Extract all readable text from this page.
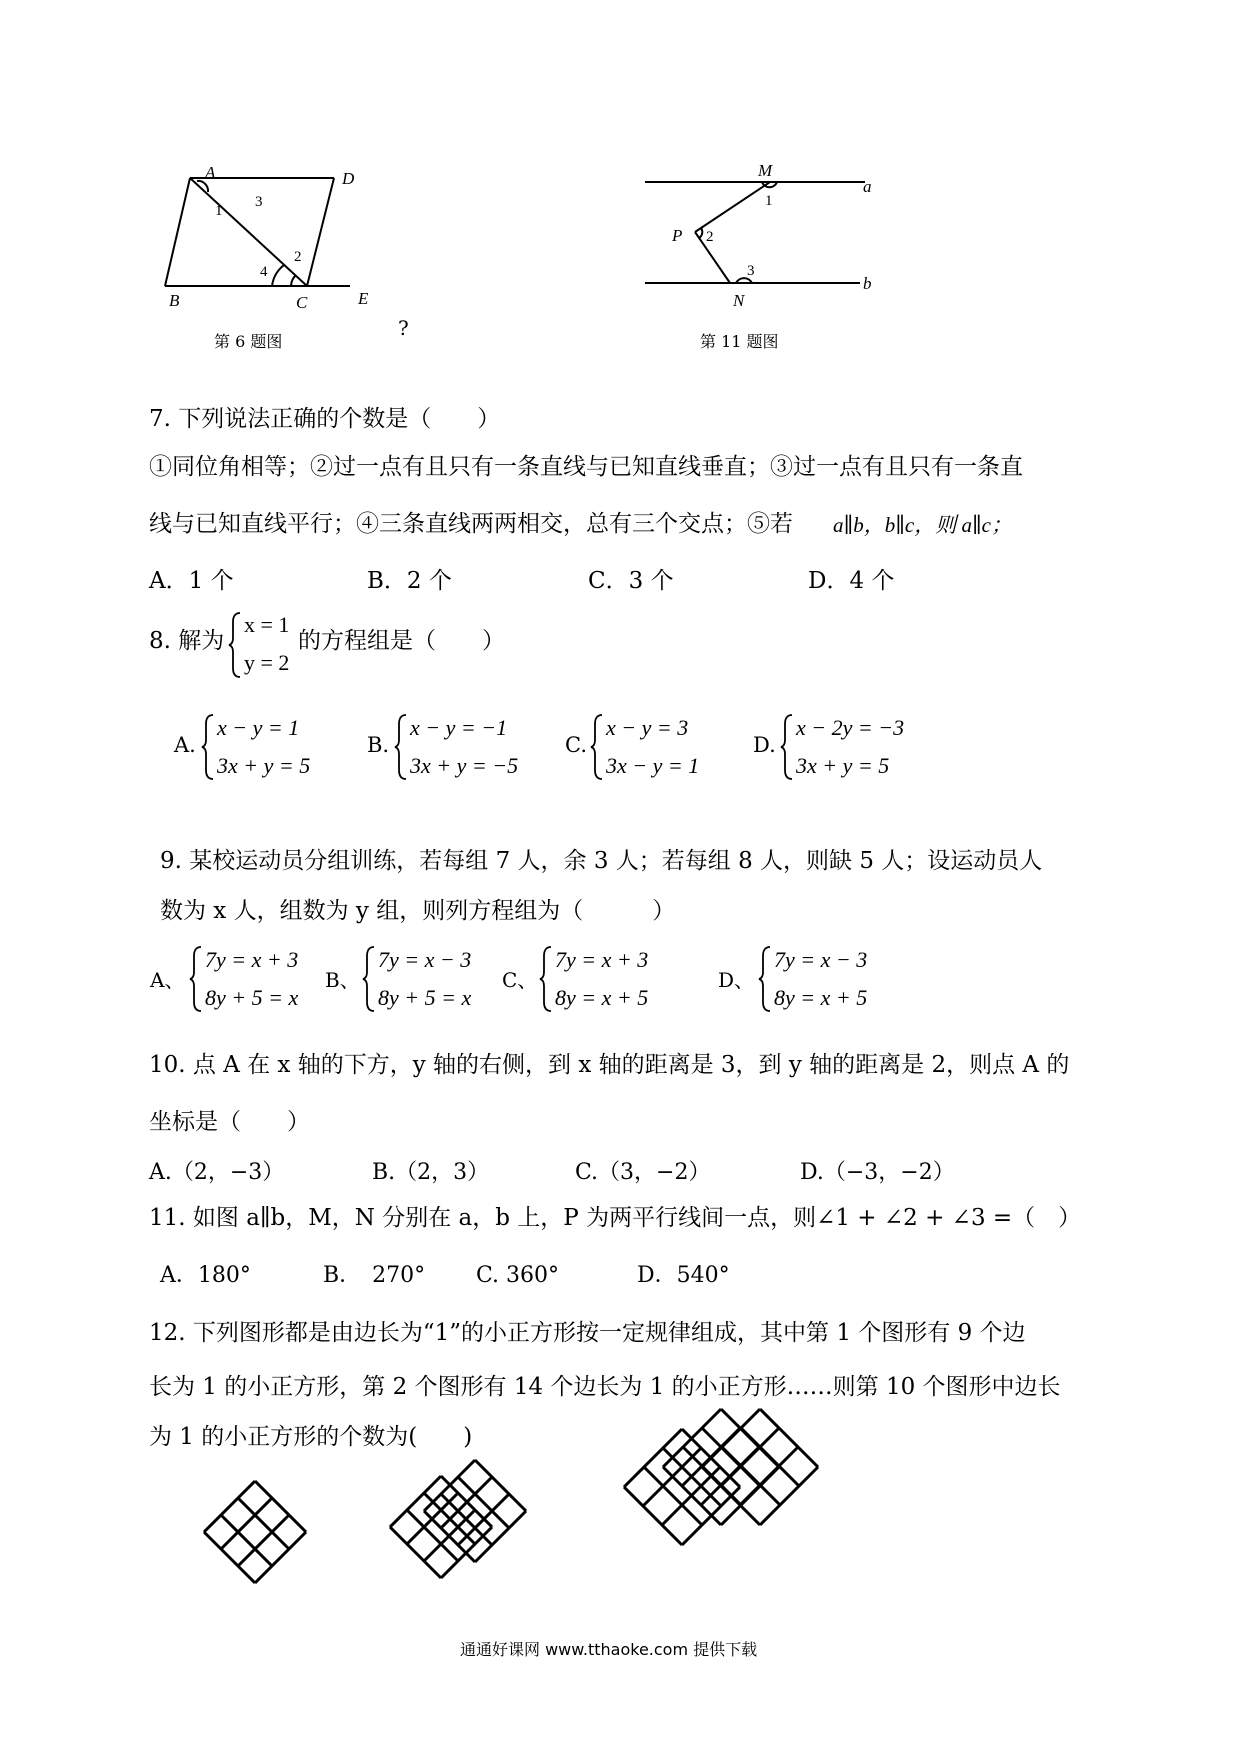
A	D
B	C	E
1
3
2
4
第 6 题图
?
M
a
P
b
N
1
2
3
第 11 题图
7. 下列说法正确的个数是（　　）
①同位角相等；②过一点有且只有一条直线与已知直线垂直；③过一点有且只有一条直
线与已知直线平行；④三条直线两两相交，总有三个交点；⑤若 a∥b，b∥c，则 a∥c；
A．1 个	B．2 个	C．3 个	D．4 个
8. 解为
x = 1
y = 2
的方程组是（　　）
A.
x − y = 1
3x + y = 5
B.
x − y = −1
3x + y = −5
C.
x − y = 3
3x − y = 1
D.
x − 2y = −3
3x + y = 5
9. 某校运动员分组训练，若每组 7 人，余 3 人；若每组 8 人，则缺 5 人；设运动员人
数为 x 人，组数为 y 组，则列方程组为（　　　）
A、
7y = x + 3
8y + 5 = x
B、
7y = x − 3
8y + 5 = x
C、
7y = x + 3
8y = x + 5
D、
7y = x − 3
8y = x + 5
10. 点 A 在 x 轴的下方，y 轴的右侧，到 x 轴的距离是 3，到 y 轴的距离是 2，则点 A 的
坐标是（　　）
A.（2，−3）	B.（2，3）	C.（3，−2）	D.（−3，−2）
11. 如图 a∥b，M，N 分别在 a，b 上，P 为两平行线间一点，则∠1 + ∠2 + ∠3 =（　）
A．180°	B．　270° C. 360°	D．540°
12. 下列图形都是由边长为“1”的小正方形按一定规律组成，其中第 1 个图形有 9 个边
长为 1 的小正方形，第 2 个图形有 14 个边长为 1 的小正方形……则第 10 个图形中边长
为 1 的小正方形的个数为(　　)
通通好课网 www.tthaoke.com 提供下载
